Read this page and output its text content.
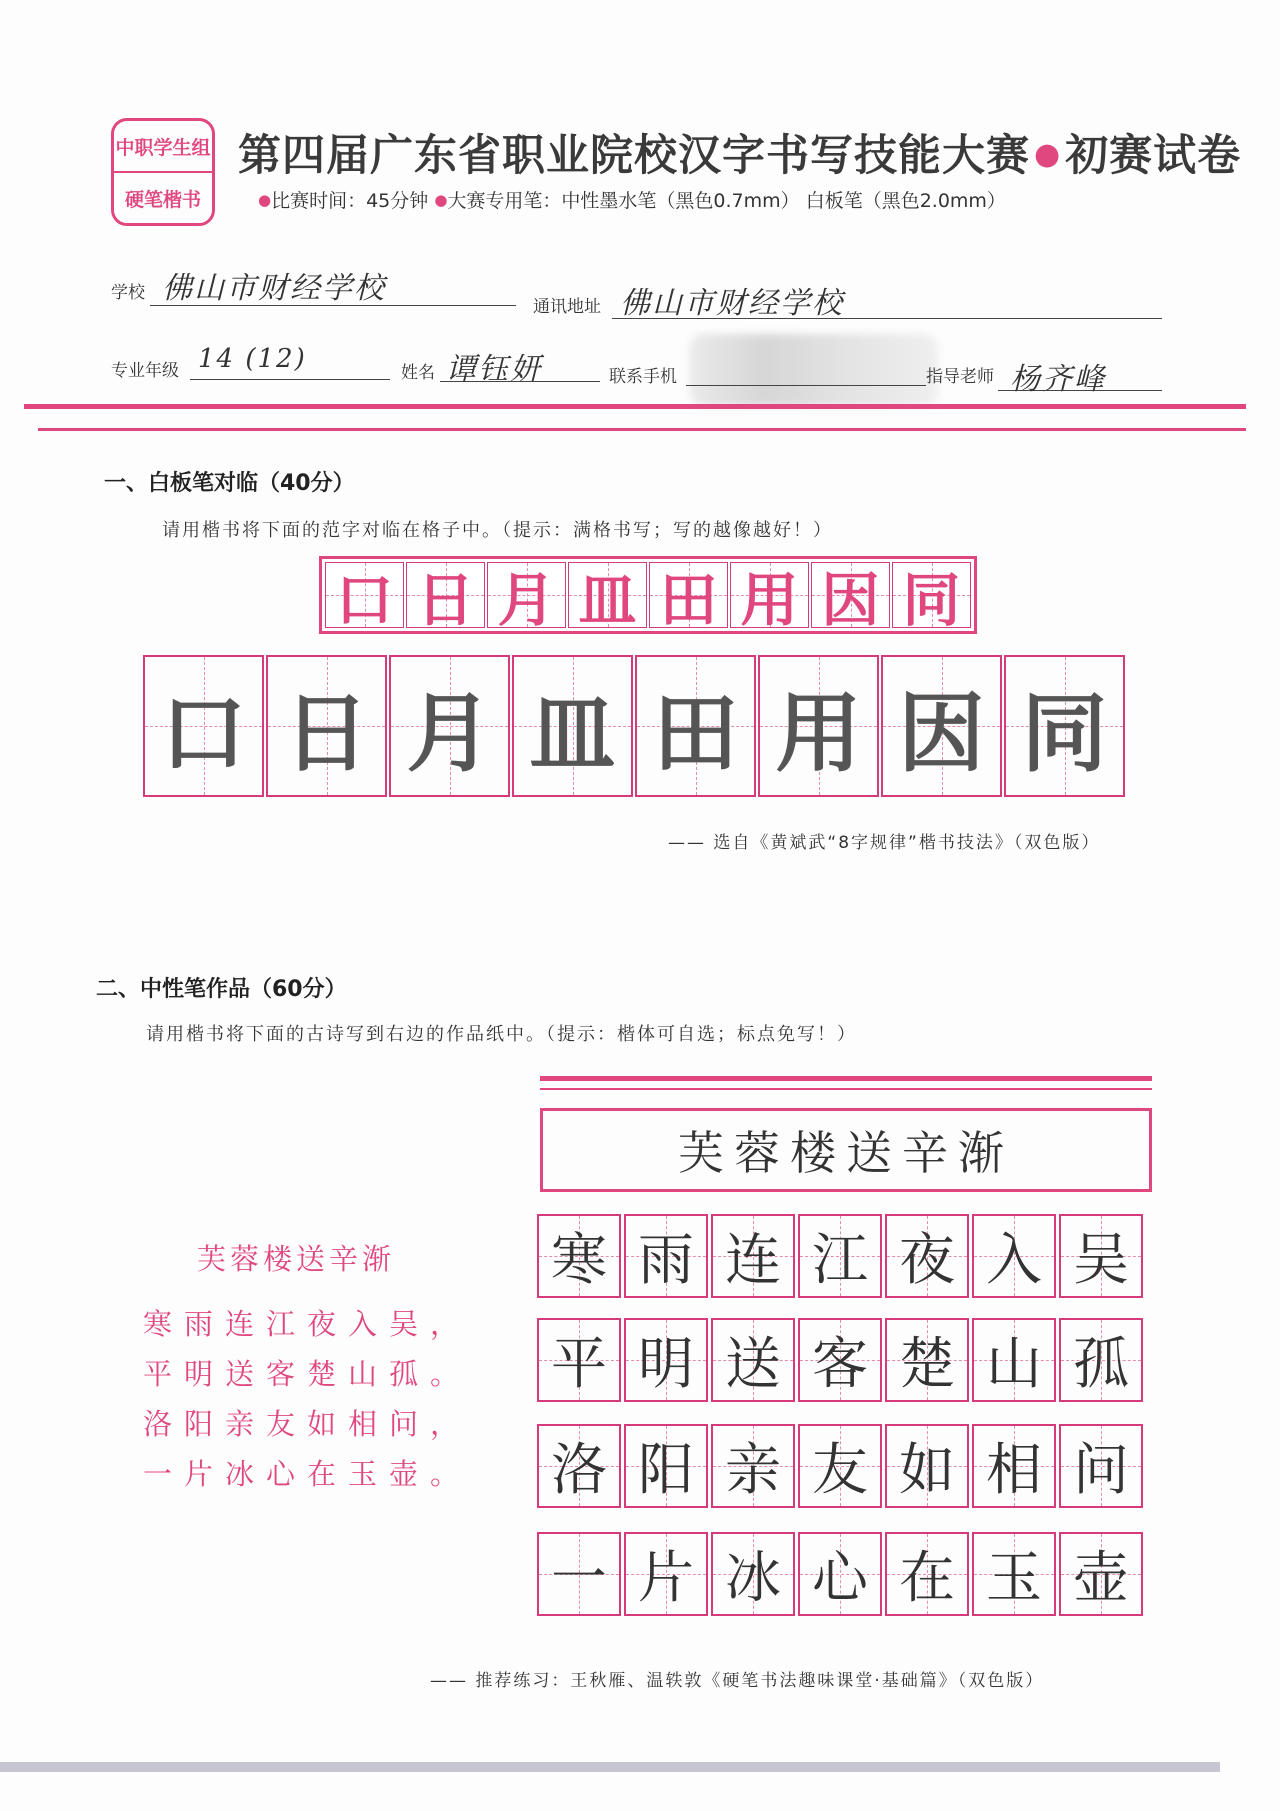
中职学生组
硬笔楷书
第四届广东省职业院校汉字书写技能大赛 ●初赛试卷
●比赛时间：45分钟 ●大赛专用笔：中性墨水笔（黑色0.7mm） 白板笔（黑色2.0mm）
学校 佛山市财经学校
通讯地址 佛山市财经学校
专业年级 14 (12)	姓名 谭钰妍	联系手机	指导老师 杨齐峰
一、白板笔对临（40分）
请用楷书将下面的范字对临在格子中。（提示：满格书写；写的越像越好！）
口 日 月 皿 田 用 因 同
口 日 月 皿 田 用 因 同
—— 选自《黄斌武“8字规律”楷书技法》（双色版）
二、中性笔作品（60分）
请用楷书将下面的古诗写到右边的作品纸中。（提示：楷体可自选；标点免写！）
芙蓉楼送辛渐
寒雨连江夜入吴，
平明送客楚山孤。
洛阳亲友如相问，
一片冰心在玉壶。
芙蓉楼送辛渐
寒 雨 连 江 夜 入 吴
平 明 送 客 楚 山 孤
洛 阳 亲 友 如 相 问
一 片 冰 心 在 玉 壶
—— 推荐练习：王秋雁、温轶敦《硬笔书法趣味课堂·基础篇》（双色版）
